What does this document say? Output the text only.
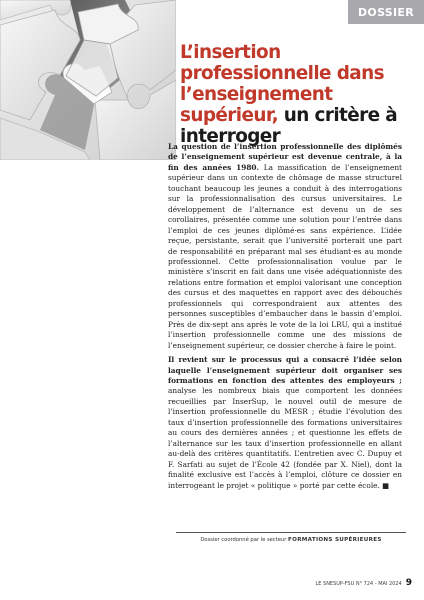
DOSSIER
L’insertion professionnelle dans l’enseignement supérieur, un critère à interroger

La question de l’insertion professionnelle des diplômés de l’enseignement supérieur est devenue centrale, à la fin des années 1980. La massification de l’enseignement supérieur dans un contexte de chômage de masse structurel touchant beaucoup les jeunes a conduit à des interrogations sur la professionnalisation des cursus universitaires. Le développement de l’alternance est devenu un de ses corollaires, présentée comme une solution pour l’entrée dans l’emploi de ces jeunes diplômé·es sans expérience. L’idée reçue, persistante, serait que l’université porterait une part de responsabilité en préparant mal ses étudiant·es au monde professionnel. Cette professionnalisation voulue par le ministère s’inscrit en fait dans une visée adéquationniste des relations entre formation et emploi valorisant une conception des cursus et des maquettes en rapport avec des débouchés professionnels qui correspondraient aux attentes des personnes susceptibles d’embaucher dans le bassin d’emploi. Près de dix-sept ans après le vote de la loi LRU, qui a institué l’insertion professionnelle comme une des missions de l’enseignement supérieur, ce dossier cherche à faire le point.

Il revient sur le processus qui a consacré l’idée selon laquelle l’enseignement supérieur doit organiser ses formations en fonction des attentes des employeurs ; analyse les nombreux biais que comportent les données recueillies par InserSup, le nouvel outil de mesure de l’insertion professionnelle du MESR ; étudie l’évolution des taux d’insertion professionnelle des formations universitaires au cours des dernières années ; et questionne les effets de l’alternance sur les taux d’insertion professionnelle en allant au-delà des critères quantitatifs. L’entretien avec C. Dupuy et F. Sarfati au sujet de l’École 42 (fondée par X. Niel), dont la finalité exclusive est l’accès à l’emploi, clôture ce dossier en interrogeant le projet « politique » porté par cette école. ■

Dossier coordonné par le secteur FORMATIONS SUPÉRIEURES
LE SNESUP-FSU N° 724 - MAI 2024 9
